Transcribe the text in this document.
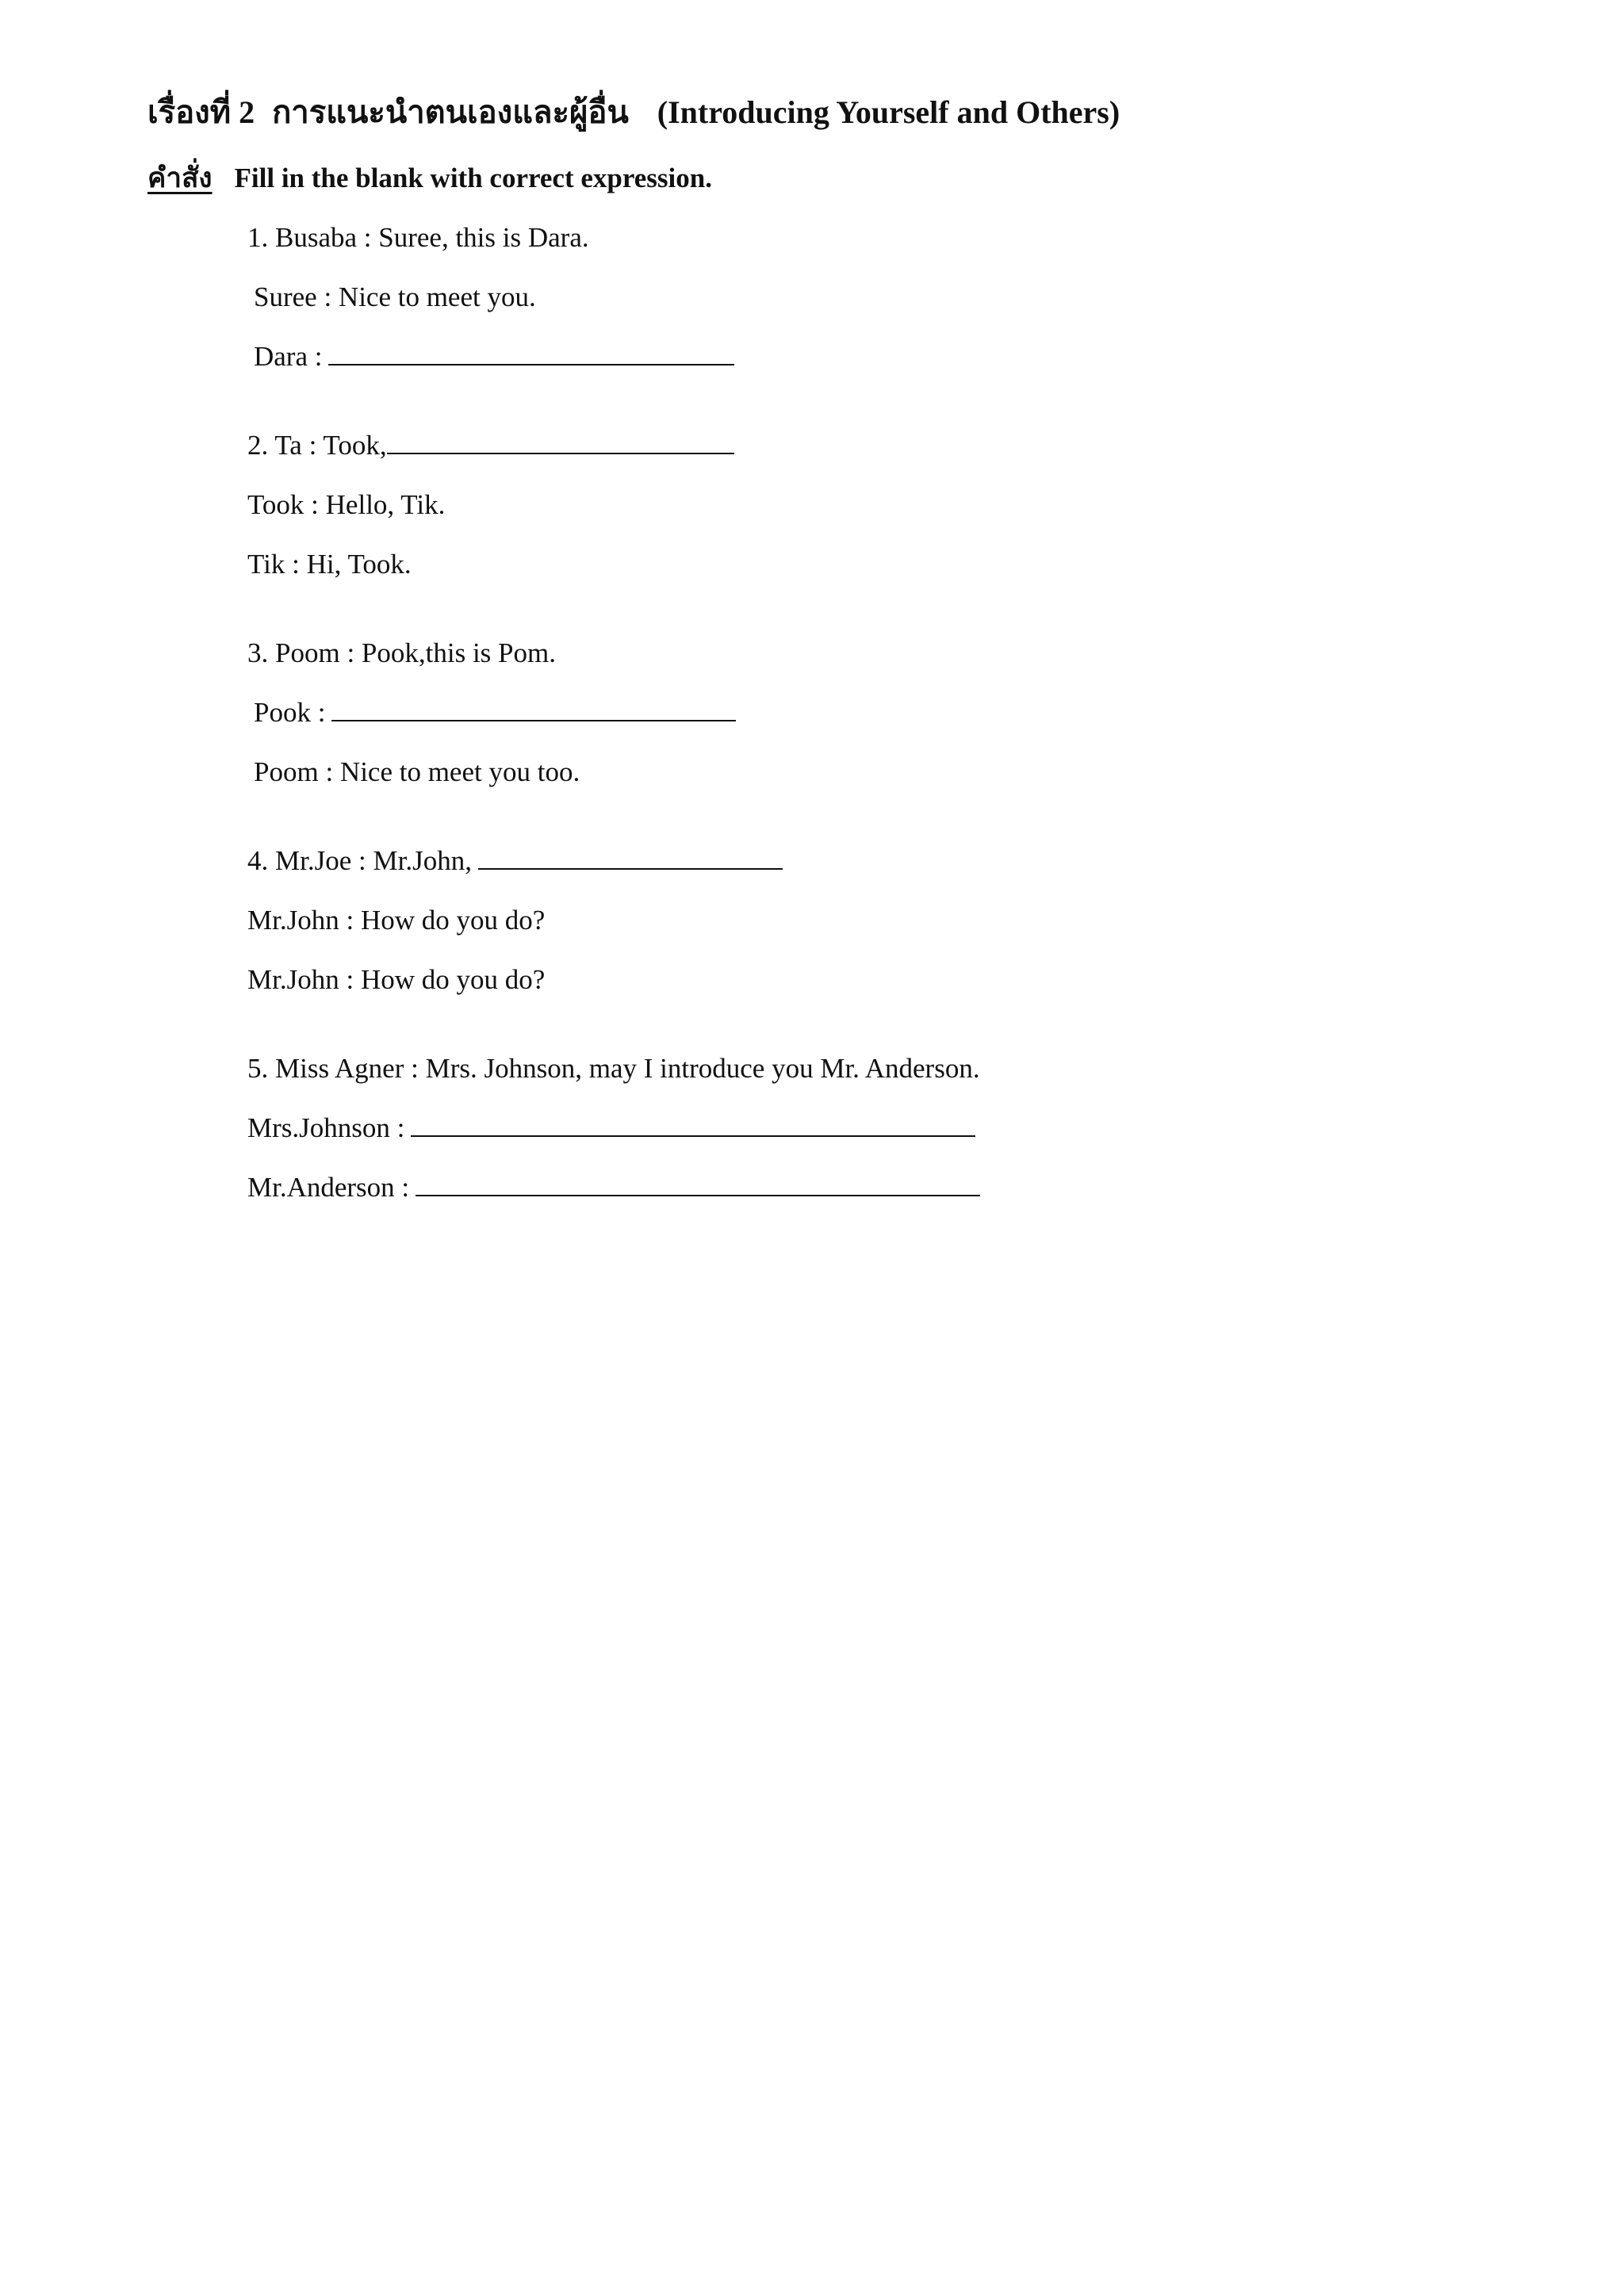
เรื่องที่ 2 การแนะนำตนเองและผู้อื่น (Introducing Yourself and Others)
คำสั่ง Fill in the blank with correct expression.
1. Busaba : Suree, this is Dara.
Suree : Nice to meet you.
Dara :
2. Ta : Took,
Took : Hello, Tik.
Tik : Hi, Took.
3. Poom : Pook,this is Pom.
Pook :
Poom : Nice to meet you too.
4. Mr.Joe : Mr.John,
Mr.John : How do you do?
Mr.John : How do you do?
5. Miss Agner : Mrs. Johnson, may I introduce you Mr. Anderson.
Mrs.Johnson :
Mr.Anderson :
